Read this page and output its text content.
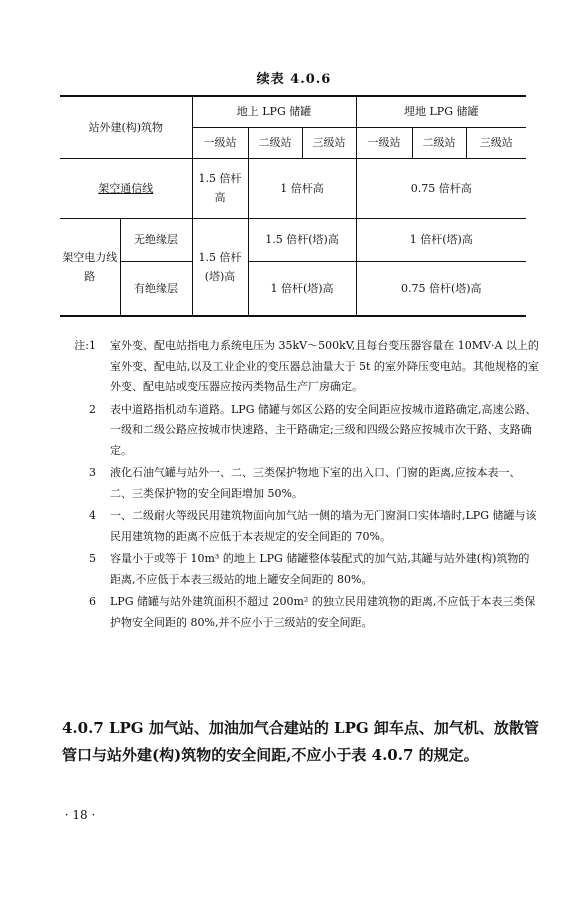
续表 4.0.6
站外建(构)筑物		地上 LPG 储罐			埋地 LPG 储罐		
		一级站	二级站	三级站	一级站	二级站	三级站
架空通信线		1.5 倍杆高	1 倍杆高		0.75 倍杆高		
架空电力线路	无绝缘层	1.5 倍杆(塔)高	1.5 倍杆(塔)高		1 倍杆(塔)高		
	有绝缘层		1 倍杆(塔)高		0.75 倍杆(塔)高		
注:1	室外变、配电站指电力系统电压为 35kV～500kV,且每台变压器容量在 10MV·A 以上的室外变、配电站,以及工业企业的变压器总油量大于 5t 的室外降压变电站。其他规格的室外变、配电站或变压器应按丙类物品生产厂房确定。
2	表中道路指机动车道路。LPG 储罐与郊区公路的安全间距应按城市道路确定,高速公路、一级和二级公路应按城市快速路、主干路确定;三级和四级公路应按城市次干路、支路确定。
3	液化石油气罐与站外一、二、三类保护物地下室的出入口、门窗的距离,应按本表一、二、三类保护物的安全间距增加 50%。
4	一、二级耐火等级民用建筑物面向加气站一侧的墙为无门窗洞口实体墙时,LPG 储罐与该民用建筑物的距离不应低于本表规定的安全间距的 70%。
5	容量小于或等于 10m³ 的地上 LPG 储罐整体装配式的加气站,其罐与站外建(构)筑物的距离,不应低于本表三级站的地上罐安全间距的 80%。
6	LPG 储罐与站外建筑面积不超过 200m² 的独立民用建筑物的距离,不应低于本表三类保护物安全间距的 80%,并不应小于三级站的安全间距。
4.0.7 LPG 加气站、加油加气合建站的 LPG 卸车点、加气机、放散管管口与站外建(构)筑物的安全间距,不应小于表 4.0.7 的规定。
· 18 ·
